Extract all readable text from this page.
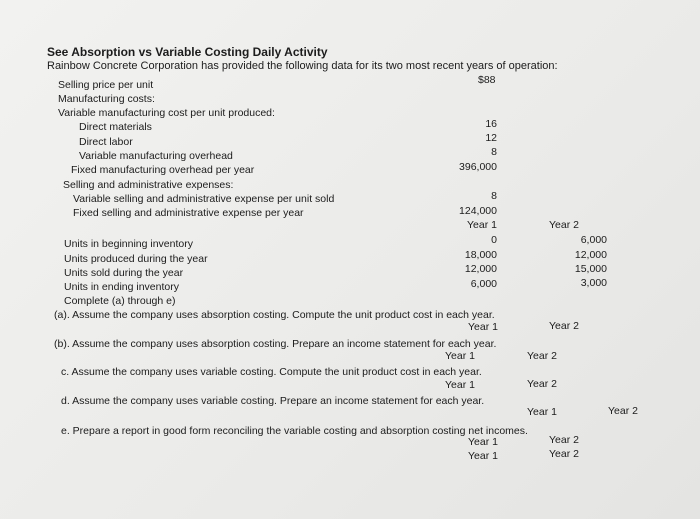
See Absorption vs Variable Costing Daily Activity
Rainbow Concrete Corporation has provided the following data for its two most recent years of operation:
Selling price per unit	$88
Manufacturing costs:
Variable manufacturing cost per unit produced:
Direct materials	16
Direct labor	12
Variable manufacturing overhead	8
Fixed manufacturing overhead per year	396,000
Selling and administrative expenses:
Variable selling and administrative expense per unit sold	8
Fixed selling and administrative expense per year	124,000
Year 1	Year 2
Units in beginning inventory	0	6,000
Units produced during the year	18,000	12,000
Units sold during the year	12,000	15,000
Units in ending inventory	6,000	3,000
Complete (a) through e)
(a). Assume the company uses absorption costing. Compute the unit product cost in each year.
Year 1	Year 2
(b). Assume the company uses absorption costing. Prepare an income statement for each year.
Year 1	Year 2
c. Assume the company uses variable costing. Compute the unit product cost in each year.
Year 1	Year 2
d. Assume the company uses variable costing. Prepare an income statement for each year.
Year 1	Year 2
e. Prepare a report in good form reconciling the variable costing and absorption costing net incomes.
Year 1	Year 2
Year 1	Year 2
